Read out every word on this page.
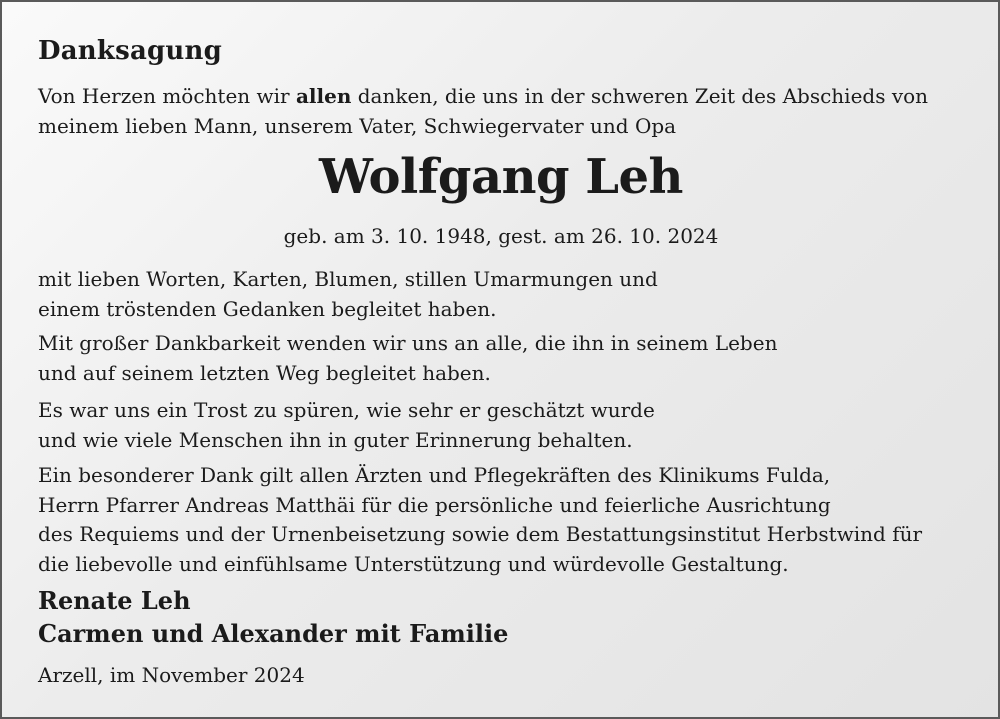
Danksagung
Von Herzen möchten wir allen danken, die uns in der schweren Zeit des Abschieds von
meinem lieben Mann, unserem Vater, Schwiegervater und Opa
Wolfgang Leh
geb. am 3. 10. 1948, gest. am 26. 10. 2024
mit lieben Worten, Karten, Blumen, stillen Umarmungen und
einem tröstenden Gedanken begleitet haben.
Mit großer Dankbarkeit wenden wir uns an alle, die ihn in seinem Leben
und auf seinem letzten Weg begleitet haben.
Es war uns ein Trost zu spüren, wie sehr er geschätzt wurde
und wie viele Menschen ihn in guter Erinnerung behalten.
Ein besonderer Dank gilt allen Ärzten und Pflegekräften des Klinikums Fulda,
Herrn Pfarrer Andreas Matthäi für die persönliche und feierliche Ausrichtung
des Requiems und der Urnenbeisetzung sowie dem Bestattungsinstitut Herbstwind für
die liebevolle und einfühlsame Unterstützung und würdevolle Gestaltung.
Renate Leh
Carmen und Alexander mit Familie
Arzell, im November 2024
